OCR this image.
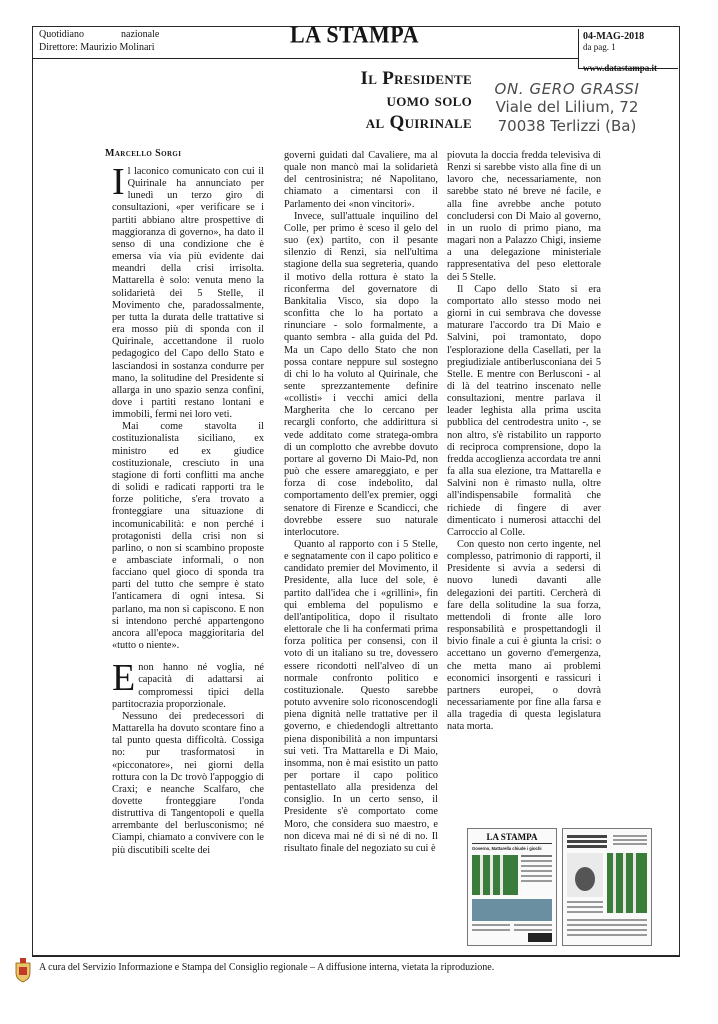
Quotidiano	nazionale
Direttore: Maurizio Molinari	LA STAMPA	04-MAG-2018
da pag. 1
www.datastampa.it
Il Presidente
uomo solo
al Quirinale
ON. GERO GRASSI
Viale del Lilium, 72
70038 Terlizzi (Ba)
Marcello Sorgi

Il laconico comunicato con cui il Quirinale ha annunciato per lunedì un terzo giro di consultazioni, «per verificare se i partiti abbiano altre prospettive di maggioranza di governo», ha dato il senso di una condizione che è emersa via via più evidente dai meandri della crisi irrisolta. Mattarella è solo: venuta meno la solidarietà dei 5 Stelle, il Movimento che, paradossalmente, per tutta la durata delle trattative si era mosso più di sponda con il Quirinale, accettandone il ruolo pedagogico del Capo dello Stato e lasciandosi in sostanza condurre per mano, la solitudine del Presidente si allarga in uno spazio senza confini, dove i partiti restano lontani e immobili, fermi nei loro veti.

Mai come stavolta il costituzionalista siciliano, ex ministro ed ex giudice costituzionale, cresciuto in una stagione di forti conflitti ma anche di solidi e radicati rapporti tra le forze politiche, s'era trovato a fronteggiare una situazione di incomunicabilità: e non perché i protagonisti della crisi non si parlino, o non si scambino proposte e ambasciate informali, o non facciano quel gioco di sponda tra parti del tutto che sempre è stato l'anticamera di ogni intesa. Si parlano, ma non si capiscono. E non si intendono perché appartengono ancora all'epoca maggioritaria del «tutto o niente».

Enon hanno né voglia, né capacità di adattarsi ai compromessi tipici della partitocrazia proporzionale.

Nessuno dei predecessori di Mattarella ha dovuto scontare fino a tal punto questa difficoltà. Cossiga no: pur trasformatosi in «picconatore», nei giorni della rottura con la Dc trovò l'appoggio di Craxi; e neanche Scalfaro, che dovette fronteggiare l'onda distruttiva di Tangentopoli e quella arrembante del berlusconismo; né Ciampi, chiamato a convivere con le più discutibili scelte dei

governi guidati dal Cavaliere, ma al quale non mancò mai la solidarietà del centrosinistra; né Napolitano, chiamato a cimentarsi con il Parlamento dei «non vincitori».

Invece, sull'attuale inquilino del Colle, per primo è sceso il gelo del suo (ex) partito, con il pesante silenzio di Renzi, sia nell'ultima stagione della sua segreteria, quando il motivo della rottura è stato la riconferma del governatore di Bankitalia Visco, sia dopo la sconfitta che lo ha portato a rinunciare - solo formalmente, a quanto sembra - alla guida del Pd. Ma un Capo dello Stato che non possa contare neppure sul sostegno di chi lo ha voluto al Quirinale, che sente sprezzantemente definire «collisti» i vecchi amici della Margherita che lo cercano per recargli conforto, che addirittura si vede additato come strategа-ombra di un complotto che avrebbe dovuto portare al governo Di Maio-Pd, non può che essere amareggiato, e per forza di cose indebolito, dal comportamento dell'ex premier, oggi senatore di Firenze e Scandicci, che dovrebbe essere suo naturale interlocutore.

Quanto al rapporto con i 5 Stelle, e segnatamente con il capo politico e candidato premier del Movimento, il Presidente, alla luce del sole, è partito dall'idea che i «grillini», fin qui emblema del populismo e dell'antipolitica, dopo il risultato elettorale che li ha confermati prima forza politica per consensi, con il voto di un italiano su tre, dovessero essere ricondotti nell'alveo di un normale confronto politico e costituzionale. Questo sarebbe potuto avvenire solo riconoscendogli piena dignità nelle trattative per il governo, e chiedendogli altrettanto piena disponibilità a non impuntarsi sui veti. Tra Mattarella e Di Maio, insomma, non è mai esistito un patto per portare il capo politico pentastellato alla presidenza del consiglio. In un certo senso, il Presidente s'è comportato come Moro, che considera suo maestro, e non diceva mai né di sì né di no. Il risultato finale del negoziato su cui è

piovuta la doccia fredda televisiva di Renzi si sarebbe visto alla fine di un lavoro che, necessariamente, non sarebbe stato né breve né facile, e alla fine avrebbe anche potuto concludersi con Di Maio al governo, in un ruolo di primo piano, ma magari non a Palazzo Chigi, insieme a una delegazione ministeriale rappresentativa del peso elettorale dei 5 Stelle.

Il Capo dello Stato si era comportato allo stesso modo nei giorni in cui sembrava che dovesse maturare l'accordo tra Di Maio e Salvini, poi tramontato, dopo l'esplorazione della Casellati, per la pregiudiziale antiberlusconiana dei 5 Stelle. E mentre con Berlusconi - al di là del teatrino inscenato nelle consultazioni, mentre parlava il leader leghista alla prima uscita pubblica del centrodestra unito -, se non altro, s'è ristabilito un rapporto di reciproca comprensione, dopo la fredda accoglienza accordata tre anni fa alla sua elezione, tra Mattarella e Salvini non è rimasto nulla, oltre all'indispensabile formalità che richiede di fingere di aver dimenticato i numerosi attacchi del Carroccio al Colle.

Con questo non certo ingente, nel complesso, patrimonio di rapporti, il Presidente si avvia a sedersi di nuovo lunedì davanti alle delegazioni dei partiti. Cercherà di fare della solitudine la sua forza, mettendoli di fronte alle loro responsabilità e prospettandogli il bivio finale a cui è giunta la crisi: o accettano un governo d'emergenza, che metta mano ai problemi economici insorgenti e rassicuri i partners europei, o dovrà necessariamente por fine alla farsa e alla tragedia di questa legislatura nata morta.

LA STAMPA
Governo, Mattarella chiude i giochi
A cura del Servizio Informazione e Stampa del Consiglio regionale – A diffusione interna, vietata la riproduzione.
